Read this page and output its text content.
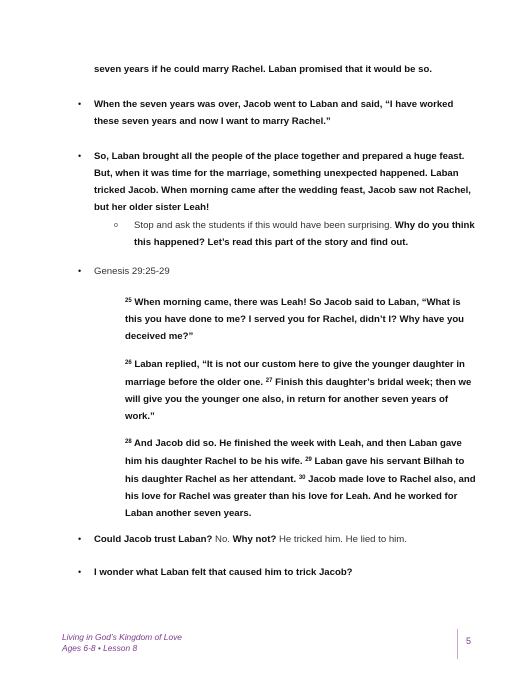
seven years if he could marry Rachel. Laban promised that it would be so.
• When the seven years was over, Jacob went to Laban and said, “I have worked these seven years and now I want to marry Rachel.”
• So, Laban brought all the people of the place together and prepared a huge feast. But, when it was time for the marriage, something unexpected happened. Laban tricked Jacob. When morning came after the wedding feast, Jacob saw not Rachel, but her older sister Leah!
o Stop and ask the students if this would have been surprising. Why do you think this happened? Let’s read this part of the story and find out.
• Genesis 29:25-29
$^{25}$ When morning came, there was Leah! So Jacob said to Laban, “What is this you have done to me? I served you for Rachel, didn’t I? Why have you deceived me?”
$^{26}$ Laban replied, “It is not our custom here to give the younger daughter in marriage before the older one. $^{27}$ Finish this daughter’s bridal week; then we will give you the younger one also, in return for another seven years of work.”
$^{28}$ And Jacob did so. He finished the week with Leah, and then Laban gave him his daughter Rachel to be his wife. $^{29}$ Laban gave his servant Bilhah to his daughter Rachel as her attendant. $^{30}$ Jacob made love to Rachel also, and his love for Rachel was greater than his love for Leah. And he worked for Laban another seven years.
• Could Jacob trust Laban? No. Why not? He tricked him. He lied to him.
• I wonder what Laban felt that caused him to trick Jacob?
Living in God’s Kingdom of Love
Ages 6-8 • Lesson 8
5
